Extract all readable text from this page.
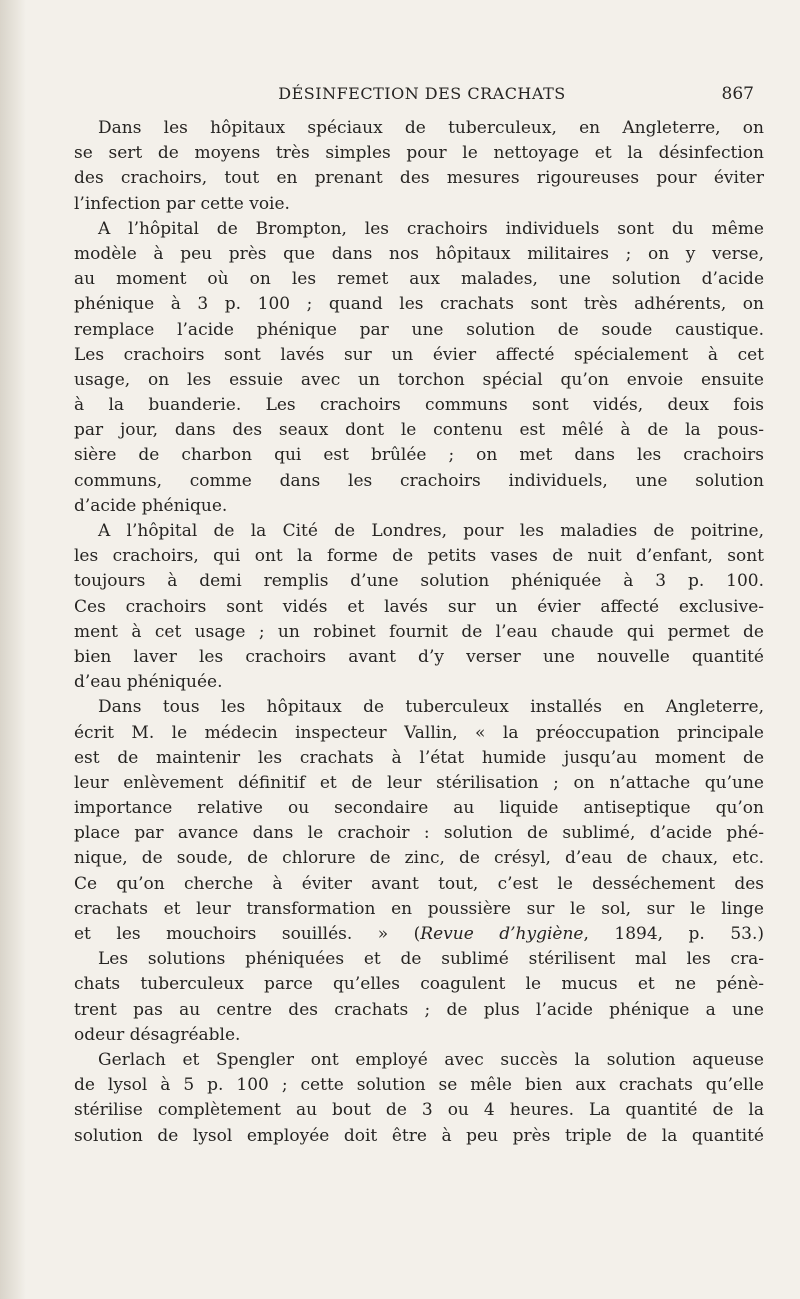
DÉSINFECTION DES CRACHATS	867
Dans les hôpitaux spéciaux de tuberculeux, en Angleterre, on
se sert de moyens très simples pour le nettoyage et la désinfection
des crachoirs, tout en prenant des mesures rigoureuses pour éviter
l’infection par cette voie.
A l’hôpital de Brompton, les crachoirs individuels sont du même
modèle à peu près que dans nos hôpitaux militaires ; on y verse,
au moment où on les remet aux malades, une solution d’acide
phénique à 3 p. 100 ; quand les crachats sont très adhérents, on
remplace l’acide phénique par une solution de soude caustique.
Les crachoirs sont lavés sur un évier affecté spécialement à cet
usage, on les essuie avec un torchon spécial qu’on envoie ensuite
à la buanderie. Les crachoirs communs sont vidés, deux fois
par jour, dans des seaux dont le contenu est mêlé à de la pous-
sière de charbon qui est brûlée ; on met dans les crachoirs
communs, comme dans les crachoirs individuels, une solution
d’acide phénique.
A l’hôpital de la Cité de Londres, pour les maladies de poitrine,
les crachoirs, qui ont la forme de petits vases de nuit d’enfant, sont
toujours à demi remplis d’une solution phéniquée à 3 p. 100.
Ces crachoirs sont vidés et lavés sur un évier affecté exclusive-
ment à cet usage ; un robinet fournit de l’eau chaude qui permet de
bien laver les crachoirs avant d’y verser une nouvelle quantité
d’eau phéniquée.
Dans tous les hôpitaux de tuberculeux installés en Angleterre,
écrit M. le médecin inspecteur Vallin, « la préoccupation principale
est de maintenir les crachats à l’état humide jusqu’au moment de
leur enlèvement définitif et de leur stérilisation ; on n’attache qu’une
importance relative ou secondaire au liquide antiseptique qu’on
place par avance dans le crachoir : solution de sublimé, d’acide phé-
nique, de soude, de chlorure de zinc, de crésyl, d’eau de chaux, etc.
Ce qu’on cherche à éviter avant tout, c’est le desséchement des
crachats et leur transformation en poussière sur le sol, sur le linge
et les mouchoirs souillés. » (Revue d’hygiène, 1894, p. 53.)
Les solutions phéniquées et de sublimé stérilisent mal les cra-
chats tuberculeux parce qu’elles coagulent le mucus et ne pénè-
trent pas au centre des crachats ; de plus l’acide phénique a une
odeur désagréable.
Gerlach et Spengler ont employé avec succès la solution aqueuse
de lysol à 5 p. 100 ; cette solution se mêle bien aux crachats qu’elle
stérilise complètement au bout de 3 ou 4 heures. La quantité de la
solution de lysol employée doit être à peu près triple de la quantité
